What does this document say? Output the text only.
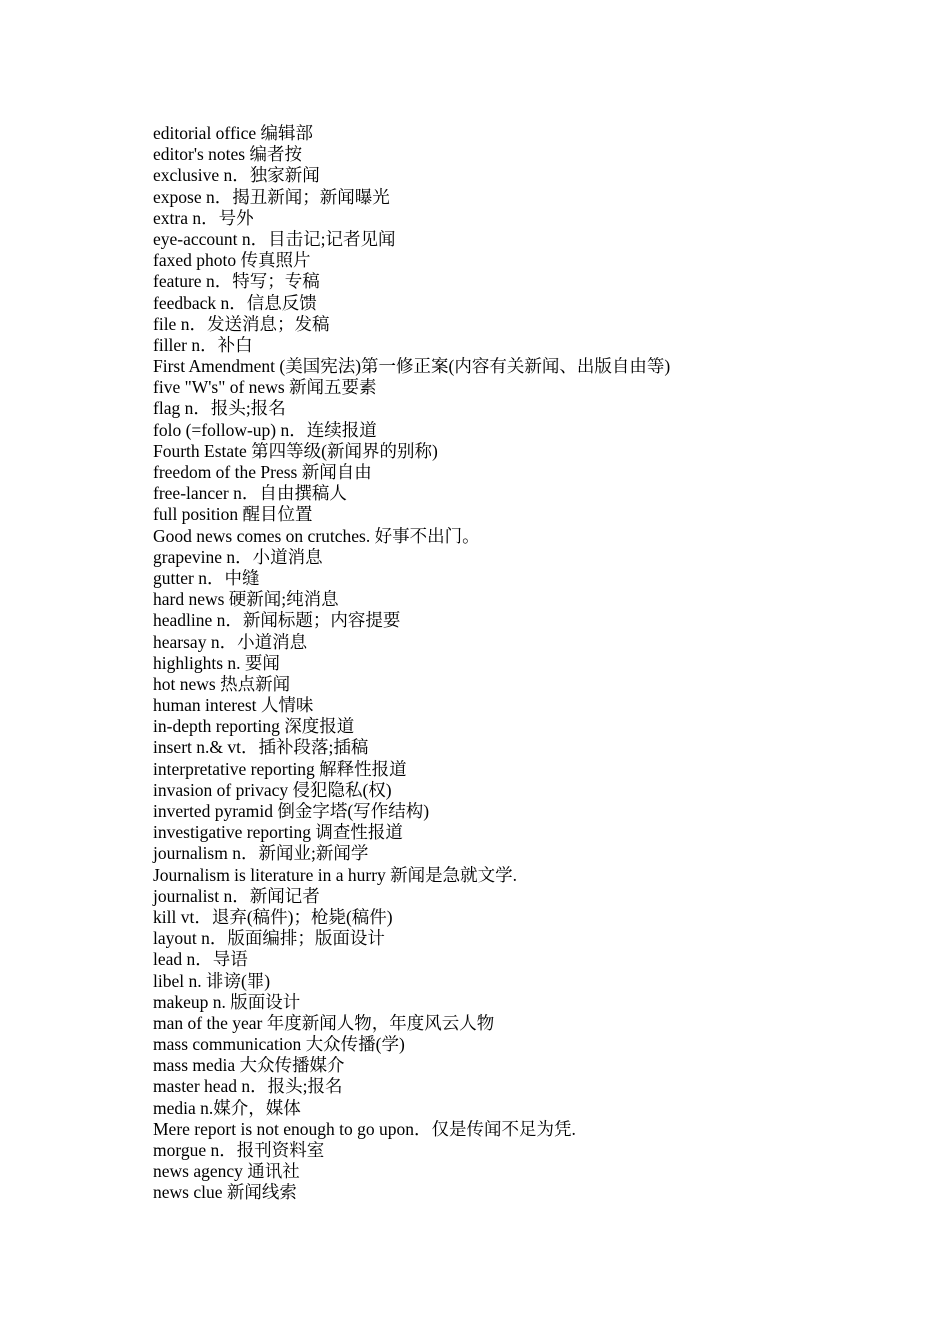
editorial office 编辑部
editor's notes 编者按
exclusive n．独家新闻
expose n．揭丑新闻；新闻曝光
extra n．号外
eye-account n．目击记;记者见闻
faxed photo 传真照片
feature n．特写；专稿
feedback n．信息反馈
file n．发送消息；发稿
filler n．补白
First Amendment (美国宪法)第一修正案(内容有关新闻、出版自由等)
five "W's" of news 新闻五要素
flag n．报头;报名
folo (=follow-up) n．连续报道
Fourth Estate 第四等级(新闻界的别称)
freedom of the Press 新闻自由
free-lancer n．自由撰稿人
full position 醒目位置
Good news comes on crutches. 好事不出门。
grapevine n．小道消息
gutter n．中缝
hard news 硬新闻;纯消息
headline n．新闻标题；内容提要
hearsay n．小道消息
highlights n. 要闻
hot news 热点新闻
human interest 人情味
in-depth reporting 深度报道
insert n.& vt．插补段落;插稿
interpretative reporting 解释性报道
invasion of privacy 侵犯隐私(权)
inverted pyramid 倒金字塔(写作结构)
investigative reporting 调查性报道
journalism n．新闻业;新闻学
Journalism is literature in a hurry 新闻是急就文学.
journalist n．新闻记者
kill vt．退弃(稿件)；枪毙(稿件)
layout n．版面编排；版面设计
lead n．导语
libel n. 诽谤(罪)
makeup n. 版面设计
man of the year 年度新闻人物，年度风云人物
mass communication 大众传播(学)
mass media 大众传播媒介
master head n．报头;报名
media n.媒介，媒体
Mere report is not enough to go upon．仅是传闻不足为凭.
morgue n．报刊资料室
news agency 通讯社
news clue 新闻线索
